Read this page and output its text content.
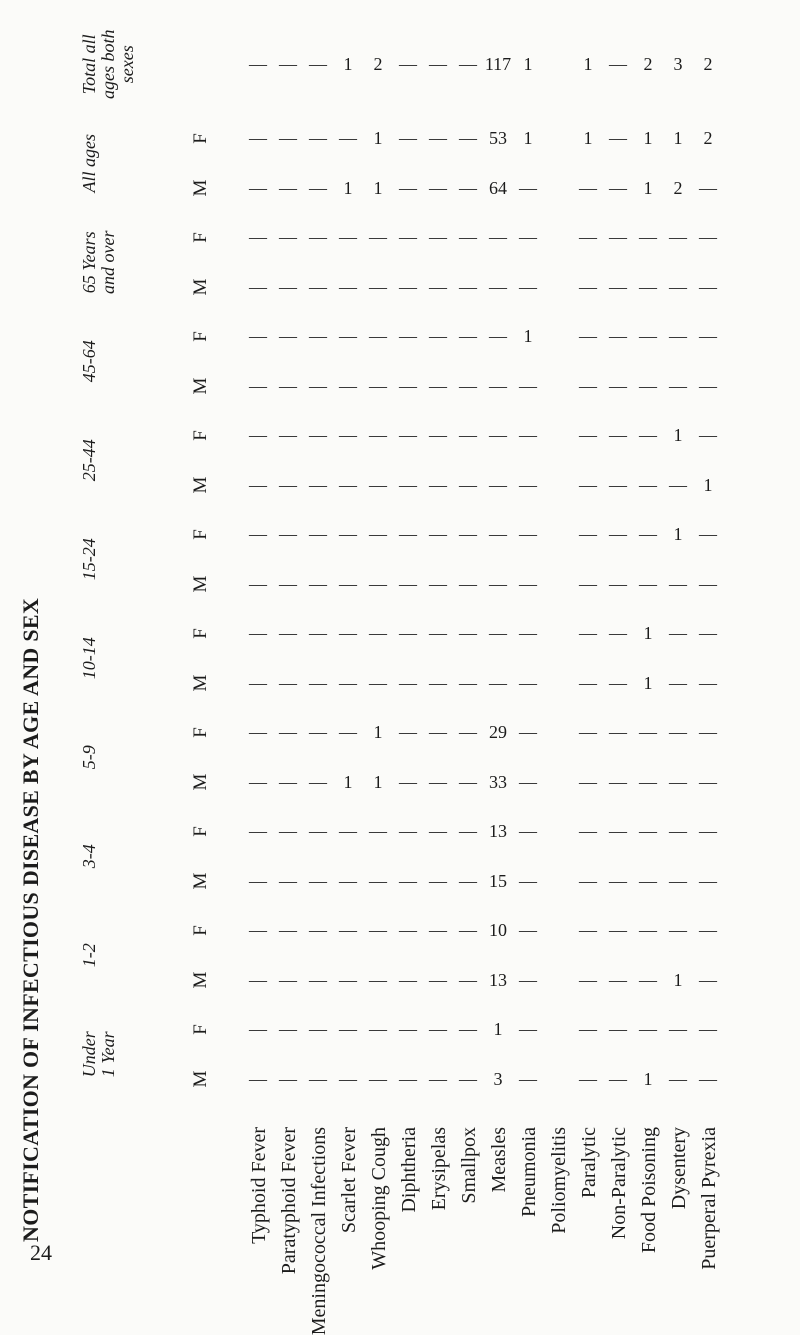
NOTIFICATION OF INFECTIOUS DISEASE BY AGE AND SEX Under 1 Year
M
F
1-2
M
F
3-4
M
F
5-9
M
F
10-14
M
F
15-24
M
F
25-44
M
F
45-64
M
F
65 Years and over	M
F
All ages	M
F
Total all ages both sexes
Typhoid Fever Paratyphoid Fever Meningococcal Infections Scarlet Fever Whooping Cough Diphtheria Erysipelas Smallpox Measles Pneumonia Poliomyelitis Paralytic Non-Paralytic Food Poisoning Dysentery Puerperal Pyrexia
—
—
—
—
—
—
—
—
—
—
—
—
—
—
—
—
—
—
—
—
—
—
—
—
—
—
—
—
—
—
—
—
—
—
—
—
—
—
—
—
—
—
—
—
—
—
—
—
—
—
—
—
—
—
—
—
—
—
—
—
—
—
—
—
—
—
—
—
—
1
—
—
—
—
—
—
—
—
—
—
—
1
—
1
—
—
—
—
—
—
1
1
—
—
—
—
—
—
—
—
—
—
1
1
2
—
—
—
—
—
—
—
—
—
—
—
—
—
—
—
—
—
—
—
—
—
—
—
—
—
—
—
—
—
—
—
—
—
—
—
—
—
—
—
—
—
—
—
—
—
—
—
—
—
—
—
—
—
—
—
—
—
—
—
—
—
—
—
3
1
13
10
15
13
33
29
—
—
—
—
—
—
—
—
—
—
64
53
117
—
—
—
—
—
—
—
—
—
—
—
—
—
—
—
1
—
—
—
1
1
—
—
—
—
—
—
—
—
—
—
—
—
—
—
—
—
—
—
—
1
1
—
—
—
—
—
—
—
—
—
—
—
—
—
—
—
—
—
—
—
—
—
1
—
—
—
—
—
—
—
1
1
—
—
—
—
—
—
—
—
1
1
2
—
—
1
—
—
—
—
—
—
—
—
1
—
1
—
—
—
—
2
1
3
—
—
—
—
—
—
—
—
—
—
—
—
1
—
—
—
—
—
—
2
2
24
